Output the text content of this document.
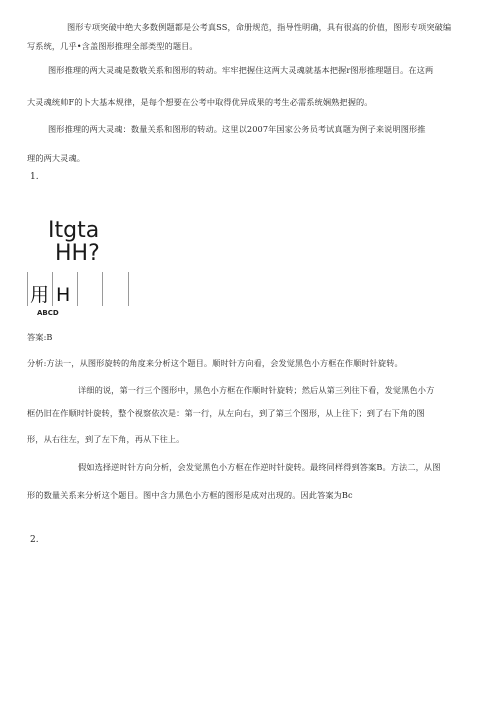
图形专项突破中绝大多数例题都是公考真SS，命册规范，指导性明确，具有很高的价值，图形专项突破编
写系统，几乎•含盖图形推理全部类型的题目。
图形推理的两大灵魂是数敬关系和图形的转动。牢牢把握住这两大灵魂就基本把握r图形推理题目。在这两
大灵魂统帅F的卜大基本规律，是每个想要在公考中取得优异成果的考生必需系统娴熟把握的。
图形推理的两大灵魂：数量关系和图形的转动。这里以2007年国家公务员考试真题为例子来说明图形推
理的两大灵魂。
1.
Itgta
HH?
用 H
ABCD
答案:B
分析:方法一，从图形旋转的角度来分析这个题目。顺时针方向看，会发觉黑色小方框在作顺时针旋转。
详细的说，第一行三个图形中，黑色小方框在作顺时针旋转；然后从第三列往下看，发觉黑色小方
框仍旧在作顺时针旋转，整个视察依次是：第一行，从左向右，到了第三个图形，从上往下；到了右下角的图
形，从右往左，到了左下角，再从下往上。
假如选择逆时针方向分析，会发觉黑色小方框在作逆时针旋转。最终同样得到答案B。方法二，从图
形的数量关系来分析这个题目。图中含力黑色小方框的图形是成对出现的。因此答案为Bc
2.
